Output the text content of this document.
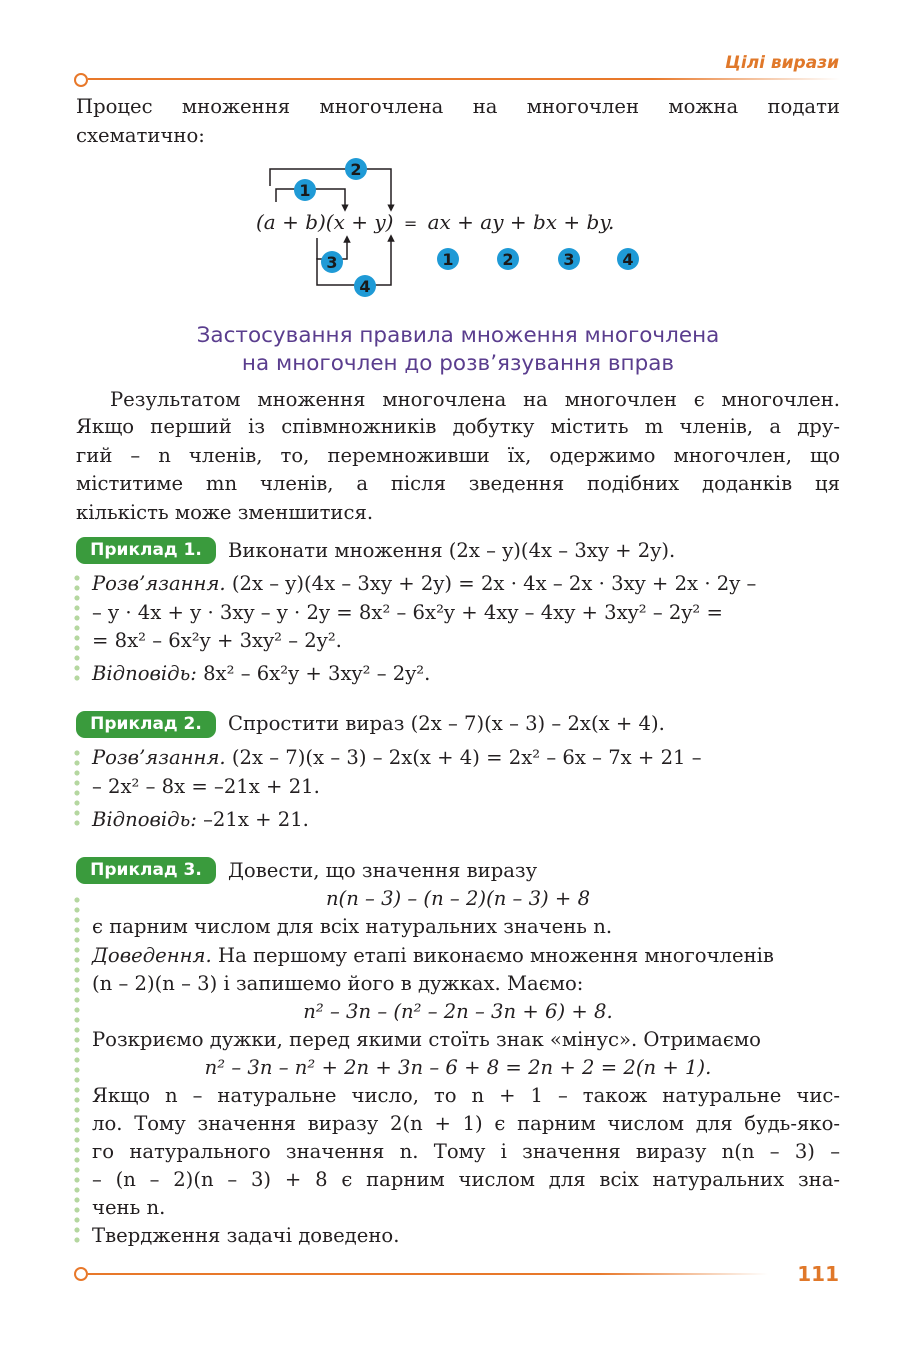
Цілі вирази
Процес множення многочлена на многочлен можна подати
схематично:
2
1
3
4
1	2	3	4
(a + b)(x + y) = ax + ay + bx + by.
Застосування правила множення многочлена
на многочлен до розв’язування вправ
Результатом множення многочлена на многочлен є многочлен.
Якщо перший із співмножників добутку містить m членів, а дру-
гий – n членів, то, перемноживши їх, одержимо многочлен, що
міститиме mn членів, а після зведення подібних доданків ця
кількість може зменшитися.
Приклад 1.	Виконати множення (2x – y)(4x – 3xy + 2y).
Розв’язання. (2x – y)(4x – 3xy + 2y) = 2x · 4x – 2x · 3xy + 2x · 2y –
– y · 4x + y · 3xy – y · 2y = 8x² – 6x²y + 4xy – 4xy + 3xy² – 2y² =
= 8x² – 6x²y + 3xy² – 2y².
Відповідь: 8x² – 6x²y + 3xy² – 2y².
Приклад 2.	Спростити вираз (2x – 7)(x – 3) – 2x(x + 4).
Розв’язання. (2x – 7)(x – 3) – 2x(x + 4) = 2x² – 6x – 7x + 21 –
– 2x² – 8x = –21x + 21.
Відповідь: –21x + 21.
Приклад 3.	Довести, що значення виразу
n(n – 3) – (n – 2)(n – 3) + 8
є парним числом для всіх натуральних значень n.
Доведення. На першому етапі виконаємо множення многочленів
(n – 2)(n – 3) і запишемо його в дужках. Маємо:
n² – 3n – (n² – 2n – 3n + 6) + 8.
Розкриємо дужки, перед якими стоїть знак «мінус». Отримаємо
n² – 3n – n² + 2n + 3n – 6 + 8 = 2n + 2 = 2(n + 1).
Якщо n – натуральне число, то n + 1 – також натуральне чис-
ло. Тому значення виразу 2(n + 1) є парним числом для будь-яко-
го натурального значення n. Тому і значення виразу n(n – 3) –
– (n – 2)(n – 3) + 8 є парним числом для всіх натуральних зна-
чень n.
Твердження задачі доведено.
111
